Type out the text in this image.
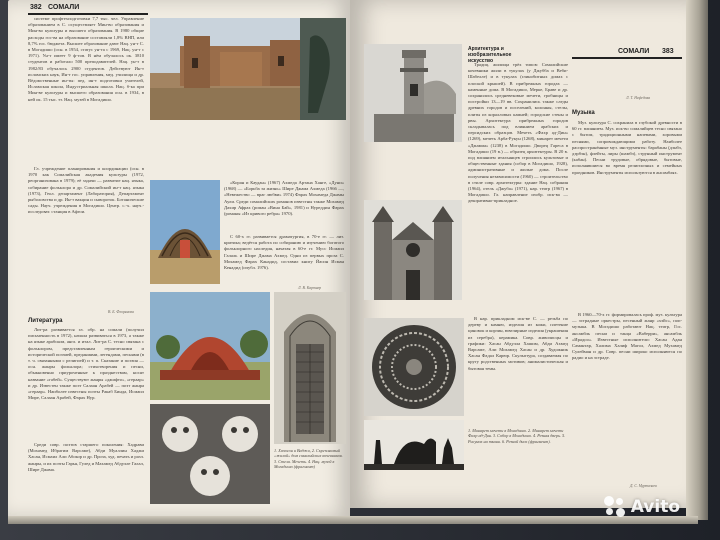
382 СОМАЛИ

системе профтехподготовки 7,7 тыс. чел. Управление образованием в С. осуществляет Мин-во образования и Мин-во культуры и высшего образования. В 1980 общие расходы гос-ва на образование составляли 1,8% ВНП, или 8,7% гос. бюджета. Высшее образование дают Нац. ун-т С. в Могадишо (осн. в 1954, статус ун-та с 1969, Нац. ун-т с 1971). Ун-т имеет 9 ф-тов. В нём обучалось ок. 3810 студентов и работало 500 преподавателей. Нац. ун-т в 1982/83 обучалось 2900 студентов. Действуют Ин-т исламских наук, Ин-т гос. управления, мед. училища и др. Вёдомственные ин-ты: пед. ин-т подготовки учителей, Исламская школа, Индустриальная школа. Нац. б-ка при Мин-ве культуры и высшего образования осн. в 1934, в ней ок. 15 тыс. тт. Нац. музей в Могадишо.

Гл. учреждение планирования и координации (осн. в 1970 как Сомалийская академия культуры (1972, реорганизована в 1979); её задачи — развитие нац. языка, собирание фольклора и др. Сомалийский ин-т нац. языка (1973), Геол. департамент (Лаборатория), Департамент рыболовства и др. Ин-т вакцин и сывороток. Ботанические сады. Науч. учреждения в Могадишо. Центр. с.-х. науч.-исследоват. станция в Афгои.

В. Б. Флорянова
Литература

Лит-ра развивается гл. обр. на сомали (получил письменность в 1972), начала развиваться в 1973, а также на языке арабском, англ. и итал. Лит-ра С. тесно связана с фольклором, представленным героическими и исторической поэзией, преданиями, легендами, песнями (в т. ч. связанными с религией) и т. п. Сказание и поэзия — осн. жанры фольклора; стихотворения и песни, обыкновенно приуроченные к празднествам, носят название «габей». Существуют жанры «джифто», «гераар» и др. Известен также поэт Салаан Арабей — поэт жанра «гераар». Наиболее известны поэты Ракаб Бинда, Исмаил Мире, Салаан Арабей, Фарах Нур.

Среди совр. поэтов старшего поколения: Хадрави (Мохамед Ибрагим Варсаме), Абди Муаллин Хаджи Хасан, Исмаил Али Абокор и др. Проза, худ. печать и разл. жанры, и их поэты Гарья, Гулед и Махамед Абдулле Галал, Шире Джама.

«Коран и Каудан» (1967) Ахмеда Артана Ханге, «Дуни» (1968) — «Борьба за жизнь» Шире Джама Ахмеда (1966 —, «Невежество — враг любви» 1974) Фарах Мохамеда Джамы Аули. Среди сомалийских романов известны также Мохамед Дахир Афрах (роман «Вина Бай», 1981) и Нуреддин Фарах (романы «Из кривого ребра» 1970).

С 60-х гг. развивается драматургия, в 70-е гг. — лит. критика; ведётся работа по собиранию и изучению богатого фольклорного наследия, начатая в 60-е гг. Мусс Исмаил Галаль и Шире Джама Ахмед. Одни из первых проза С. Мохамед Фарах Канадид, составил книгу Йасин Исман Кенадид (опубл. 1976).

Л. В. Картнер
1. Хачосон и Ваджи, 2. Скрепляемый «жилой» дом сомалийских кочевников. 3. Стела. Мечеть. 4. Нац. музей в Могадишо (фрагмент)
СОМАЛИ 383
Архитектура и изобразительное искусство

Традиц. жилища трёх типов: Сомалийские кочевники жили в тукулах (у Джубба и Веби-Шабелле) и в тукулах (глинобитных домах с плоской крышей). В прибрежных городах — каменные дома. В Могадишо, Мерке, Браве и др. сохранились средневековые мечети, гробницы и постройки 13—19 вв. Сохранились также следы древних городов и поселений, колонны, стелы, плиты из коралловых камней; городские стены и рвы. Архитектура прибрежных городов складывалась под влиянием арабских и персидских образцов. Мечеть «Фахр ад-Дин» (1269), мечеть Арба-Рукун (1268), минарет мечети «Джамиа» (1238) в Могадишо. Дворец Гареса в Могадишо (19 в.) — образец архитектуры. В 20 в. под влиянием итальянцев строились культовые и общественные здания (собор в Могадишо, 1928), административные и жилые дома. После получения независимости (1960) — строительство в стиле совр. архитектуры: здание Нац. собрания (1964), отель «Джуба» (1971), нар. театр (1967) в Могадишо. Гл. направление изобр. иск-ва — декоративно-прикладное.

В нар. прикладном иск-ве С. — резьба по дереву и камню, изделия из кожи, плетение циновок и корзин, ювелирные изделия (украшения из серебра), керамика. Совр. живописцы и графики: Хасан Абдулла Хашим, Абди Ахмед Варсаме, Али Мохамед Хасан и др. Художник Хасан Фадал Карюр. Скульптура, создаваемая по кругу родственных мотивов; анималистическая и бытовая темы.

1. Минарет мечети в Могадишо. 2. Минарет мечети Фахр ад-Дин. 3. Собор в Могадишо. 4. Резная дверь. 5. Рисунок на ткани. 6. Резной диск (фрагмент).
Л. Т. Нефедова
Музыка

Муз. культура С. сохранила в глубокой древности в 60 гг. влиянием. Муз. иск-во сомалийцев тесно связано с бытом, традиционными напевами, хоровыми песнями, сопровождающими работу. Наиболее распространённые муз. инструменты: барабаны (дэнбэ, дэрбэн), флейты, лиры (шамбэ), струнный инструмент (кабан). Песни трудовые, обрядовые, бытовые, исполнявшиеся во время религиозных и семейных праздников. Инструменты используются в ансамблях.

В 1960—70-х гг. формировалась проф. муз. культура — эстрадные оркестры, песенный жанр «хэйс», поп-музыка. В Могадишо работают Нац. театр, Гос. ансамбль песни и танца «Ваберри», ансамбль «Ирадоо». Известные исполнители: Хасан Адан Самантар, Халима Халиф Магол, Ахмед Мухамед Сулейман и др. Совр. песни широко исполняются по радио и на эстраде.

Д. С. Муртазаев
Avito
